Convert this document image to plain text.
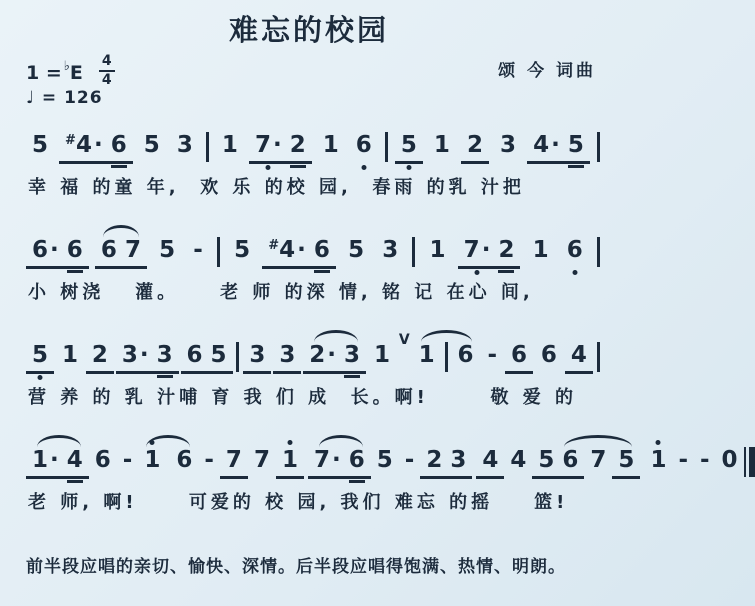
难忘的校园
1 =♭ E $\frac{4}{4}$	颂 今 词曲
♩ = 126
5	#4· 6 5 3 1 7· 2 1 6 5 1 2 3 4· 5
幸 福 的童 年,  欢 乐 的校 园,  春雨 的乳 汁把
6· 6 6 7 5 - 5	#4· 6 5 3 1 7· 2 1 6
小 树浇   灌。    老 师 的深 情, 铭 记 在心 间,
5 1 2 3· 3 6 5 3 3 2· 3 1
V
1 6 - 6 6 4
营 养 的 乳 汁哺 育 我 们 成  长。啊!      敬 爱 的
1· 4 6 - 1 6 - 7 7 1 7· 6 5 - 2 3 4 4 5 6 7 5 1 - - 0
老 师, 啊!     可爱的 校 园, 我们 难忘 的摇    篮!
前半段应唱的亲切、愉快、深情。后半段应唱得饱满、热情、明朗。
